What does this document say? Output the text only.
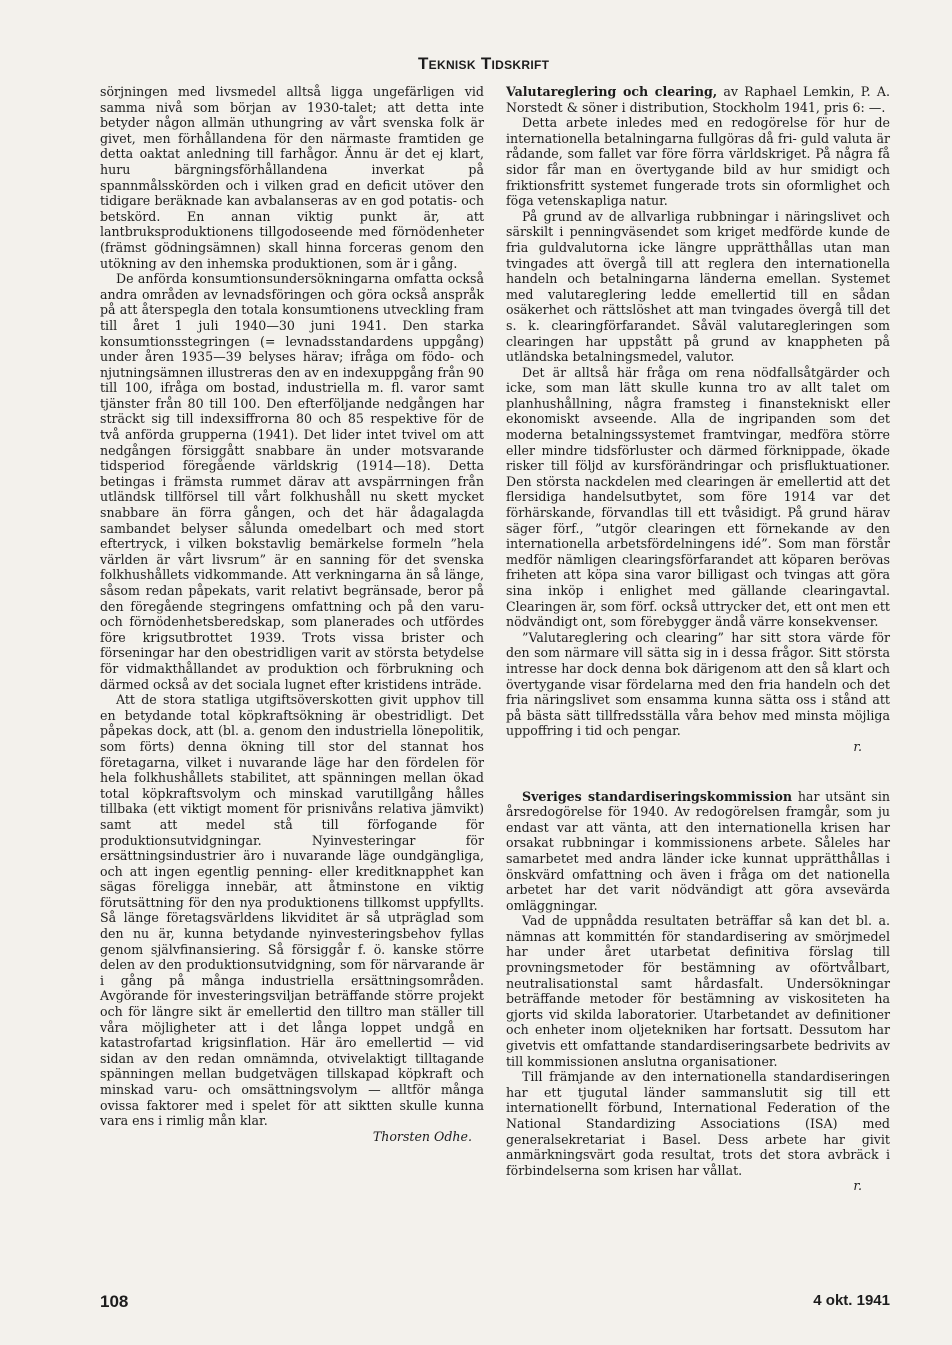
Teknisk Tidskrift

sörjningen med livsmedel alltså ligga ungefärligen vid samma nivå som början av 1930-talet; att detta inte betyder någon allmän uthungring av vårt svenska folk är givet, men förhållandena för den närmaste framtiden ge detta oaktat anledning till farhågor. Ännu är det ej klart, huru bärgningsförhållandena inverkat på spannmålsskörden och i vilken grad en deficit utöver den tidigare beräknade kan avbalanseras av en god potatis- och betskörd. En annan viktig punkt är, att lantbruksproduktionens tillgodoseende med förnödenheter (främst gödningsämnen) skall hinna forceras genom den utökning av den inhemska produktionen, som är i gång.

De anförda konsumtionsundersökningarna omfatta också andra områden av levnadsföringen och göra också anspråk på att återspegla den totala konsumtionens utveckling fram till året 1 juli 1940—30 juni 1941. Den starka konsumtionsstegringen (= levnadsstandardens uppgång) under åren 1935—39 belyses härav; ifråga om födo- och njutningsämnen illustreras den av en indexuppgång från 90 till 100, ifråga om bostad, industriella m. fl. varor samt tjänster från 80 till 100. Den efterföljande nedgången har sträckt sig till indexsiffrorna 80 och 85 respektive för de två anförda grupperna (1941). Det lider intet tvivel om att nedgången försiggått snabbare än under motsvarande tidsperiod föregående världskrig (1914—18). Detta betingas i främsta rummet därav att avspärrningen från utländsk tillförsel till vårt folkhushåll nu skett mycket snabbare än förra gången, och det här ådagalagda sambandet belyser sålunda omedelbart och med stort eftertryck, i vilken bokstavlig bemärkelse formeln ”hela världen är vårt livsrum” är en sanning för det svenska folkhushållets vidkommande. Att verkningarna än så länge, såsom redan påpekats, varit relativt begränsade, beror på den föregående stegringens omfattning och på den varu- och förnödenhetsberedskap, som planerades och utfördes före krigsutbrottet 1939. Trots vissa brister och förseningar har den obestridligen varit av största betydelse för vidmakthållandet av produktion och förbrukning och därmed också av det sociala lugnet efter kristidens inträde.

Att de stora statliga utgiftsöverskotten givit upphov till en betydande total köpkraftsökning är obestridligt. Det påpekas dock, att (bl. a. genom den industriella lönepolitik, som förts) denna ökning till stor del stannat hos företagarna, vilket i nuvarande läge har den fördelen för hela folkhushållets stabilitet, att spänningen mellan ökad total köpkraftsvolym och minskad varutillgång hålles tillbaka (ett viktigt moment för prisnivåns relativa jämvikt) samt att medel stå till förfogande för produktionsutvidgningar. Nyinvesteringar för ersättningsindustrier äro i nuvarande läge oundgängliga, och att ingen egentlig penning- eller kreditknapphet kan sägas föreligga innebär, att åtminstone en viktig förutsättning för den nya produktionens tillkomst uppfyllts. Så länge företagsvärldens likviditet är så utpräglad som den nu är, kunna betydande nyinvesteringsbehov fyllas genom självfinansiering. Så försiggår f. ö. kanske större delen av den produktionsutvidgning, som för närvarande är i gång på många industriella ersättningsområden. Avgörande för investeringsviljan beträffande större projekt och för längre sikt är emellertid den tilltro man ställer till våra möjligheter att i det långa loppet undgå en katastrofartad krigsinflation. Här äro emellertid — vid sidan av den redan omnämnda, otvivelaktigt tilltagande spänningen mellan budgetvägen tillskapad köpkraft och minskad varu- och omsättningsvolym — alltför många ovissa faktorer med i spelet för att siktten skulle kunna vara ens i rimlig mån klar.

Thorsten Odhe.

Valutareglering och clearing, av Raphael Lemkin, P. A. Norstedt & söner i distribution, Stockholm 1941, pris 6: —.

Detta arbete inledes med en redogörelse för hur de internationella betalningarna fullgöras då fri- guld valuta är rådande, som fallet var före förra världskriget. På några få sidor får man en övertygande bild av hur smidigt och friktionsfritt systemet fungerade trots sin oformlighet och föga vetenskapliga natur.

På grund av de allvarliga rubbningar i näringslivet och särskilt i penningväsendet som kriget medförde kunde de fria guldvalutorna icke längre upprätthållas utan man tvingades att övergå till att reglera den internationella handeln och betalningarna länderna emellan. Systemet med valutareglering ledde emellertid till en sådan osäkerhet och rättslöshet att man tvingades övergå till det s. k. clearingförfarandet. Såväl valutaregleringen som clearingen har uppstått på grund av knappheten på utländska betalningsmedel, valutor.

Det är alltså här fråga om rena nödfallsåtgärder och icke, som man lätt skulle kunna tro av allt talet om planhushållning, några framsteg i finanstekniskt eller ekonomiskt avseende. Alla de ingripanden som det moderna betalningssystemet framtvingar, medföra större eller mindre tidsförluster och därmed förknippade, ökade risker till följd av kursförändringar och prisfluktuationer. Den största nackdelen med clearingen är emellertid att det flersidiga handelsutbytet, som före 1914 var det förhärskande, förvandlas till ett tvåsidigt. På grund härav säger förf., ”utgör clearingen ett förnekande av den internationella arbetsfördelningens idé”. Som man förstår medför nämligen clearingsförfarandet att köparen berövas friheten att köpa sina varor billigast och tvingas att göra sina inköp i enlighet med gällande clearingavtal. Clearingen är, som förf. också uttrycker det, ett ont men ett nödvändigt ont, som förebygger ändå värre konsekvenser.

”Valutareglering och clearing” har sitt stora värde för den som närmare vill sätta sig in i dessa frågor. Sitt största intresse har dock denna bok därigenom att den så klart och övertygande visar fördelarna med den fria handeln och det fria näringslivet som ensamma kunna sätta oss i stånd att på bästa sätt tillfredsställa våra behov med minsta möjliga uppoffring i tid och pengar.

r.

Sveriges standardiseringskommission har utsänt sin årsredogörelse för 1940. Av redogörelsen framgår, som ju endast var att vänta, att den internationella krisen har orsakat rubbningar i kommissionens arbete. Såleles har samarbetet med andra länder icke kunnat upprätthållas i önskvärd omfattning och även i fråga om det nationella arbetet har det varit nödvändigt att göra avsevärda omläggningar.

Vad de uppnådda resultaten beträffar så kan det bl. a. nämnas att kommittén för standardisering av smörjmedel har under året utarbetat definitiva förslag till provningsmetoder för bestämning av oförtvålbart, neutralisationstal samt hårdasfalt. Undersökningar beträffande metoder för bestämning av viskositeten ha gjorts vid skilda laboratorier. Utarbetandet av definitioner och enheter inom oljetekniken har fortsatt. Dessutom har givetvis ett omfattande standardiseringsarbete bedrivits av till kommissionen anslutna organisationer.

Till främjande av den internationella standardiseringen har ett tjugutal länder sammanslutit sig till ett internationellt förbund, International Federation of the National Standardizing Associations (ISA) med generalsekretariat i Basel. Dess arbete har givit anmärkningsvärt goda resultat, trots det stora avbräck i förbindelserna som krisen har vållat.

r.

108	4 okt. 1941
